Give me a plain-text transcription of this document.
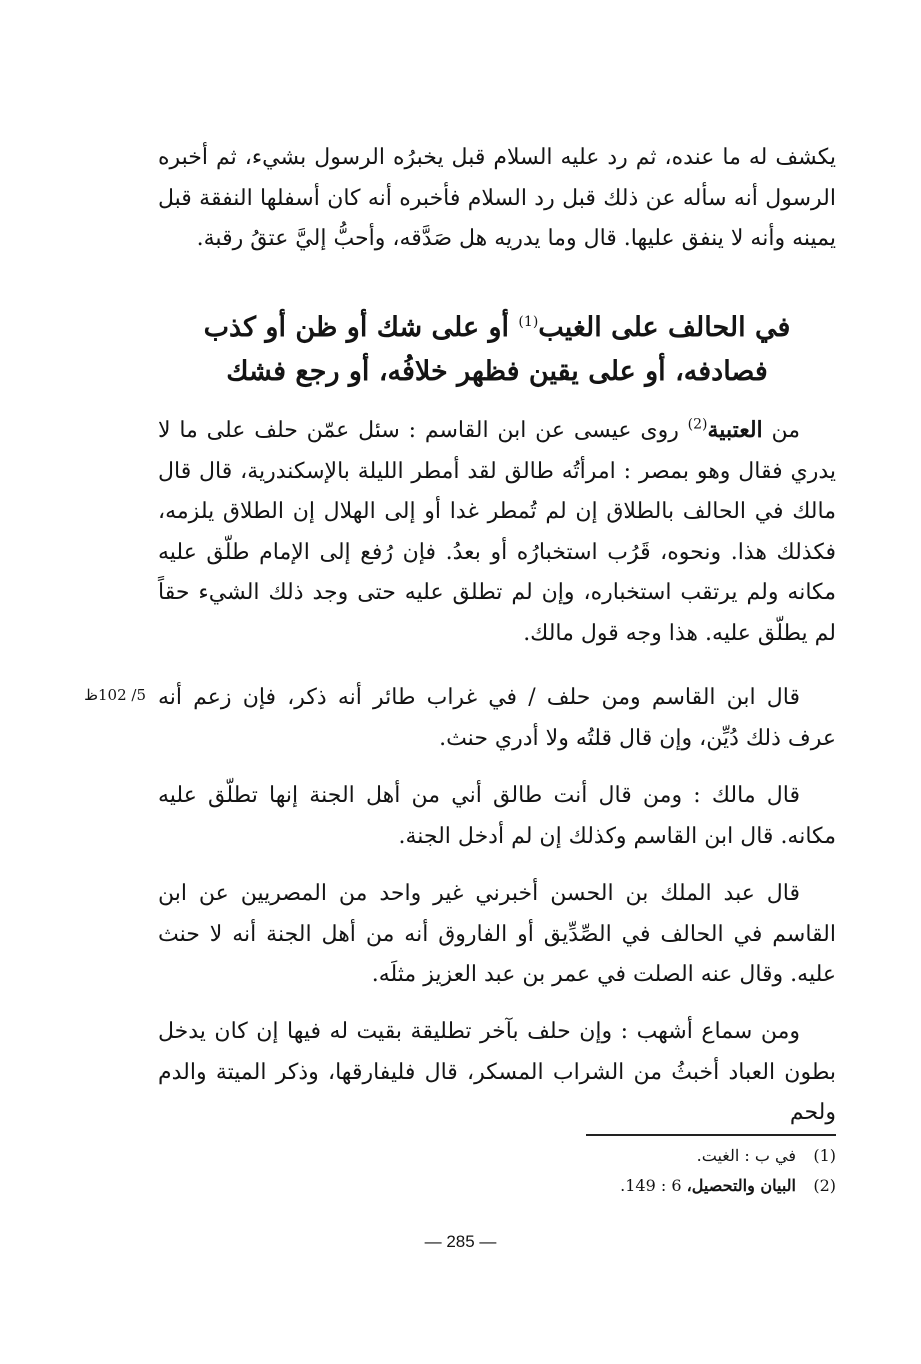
يكشف له ما عنده، ثم رد عليه السلام قبل يخبرُه الرسول بشيء، ثم أخبره الرسول أنه سأله عن ذلك قبل رد السلام فأخبره أنه كان أسفلها النفقة قبل يمينه وأنه لا ينفق عليها. قال وما يدريه هل صَدَّقه، وأحبُّ إليَّ عتقُ رقبة.

في الحالف على الغيب$^{(1)}$ أو على شك أو ظن أو كذب
فصادفه، أو على يقين فظهر خلافُه، أو رجع فشك

من العتبية$^{(2)}$ روى عيسى عن ابن القاسم : سئل عمّن حلف على ما لا يدري فقال وهو بمصر : امرأتُه طالق لقد أمطر الليلة بالإسكندرية، قال قال مالك في الحالف بالطلاق إن لم تُمطر غدا أو إلى الهلال إن الطلاق يلزمه، فكذلك هذا. ونحوه، قَرُب استخبارُه أو بعدُ. فإن رُفع إلى الإمام طلّق عليه مكانه ولم يرتقب استخباره، وإن لم تطلق عليه حتى وجد ذلك الشيء حقاً لم يطلّق عليه. هذا وجه قول مالك.

قال ابن القاسم ومن حلف / في غراب طائر أنه ذكر، فإن زعم أنه عرف ذلك دُيِّن، وإن قال قلتُه ولا أدري حنث.

5/ 102ظ

قال مالك : ومن قال أنت طالق أني من أهل الجنة إنها تطلّق عليه مكانه. قال ابن القاسم وكذلك إن لم أدخل الجنة.

قال عبد الملك بن الحسن أخبرني غير واحد من المصريين عن ابن القاسم في الحالف في الصِّدِّيق أو الفاروق أنه من أهل الجنة أنه لا حنث عليه. وقال عنه الصلت في عمر بن عبد العزيز مثلَه.

ومن سماع أشهب : وإن حلف بآخر تطليقة بقيت له فيها إن كان يدخل بطون العباد أخبثُ من الشراب المسكر، قال فليفارقها، وذكر الميتة والدم ولحم

(1)في ب : الغيت.

(2)البيان والتحصيل، 6 : 149.

— 285 —
